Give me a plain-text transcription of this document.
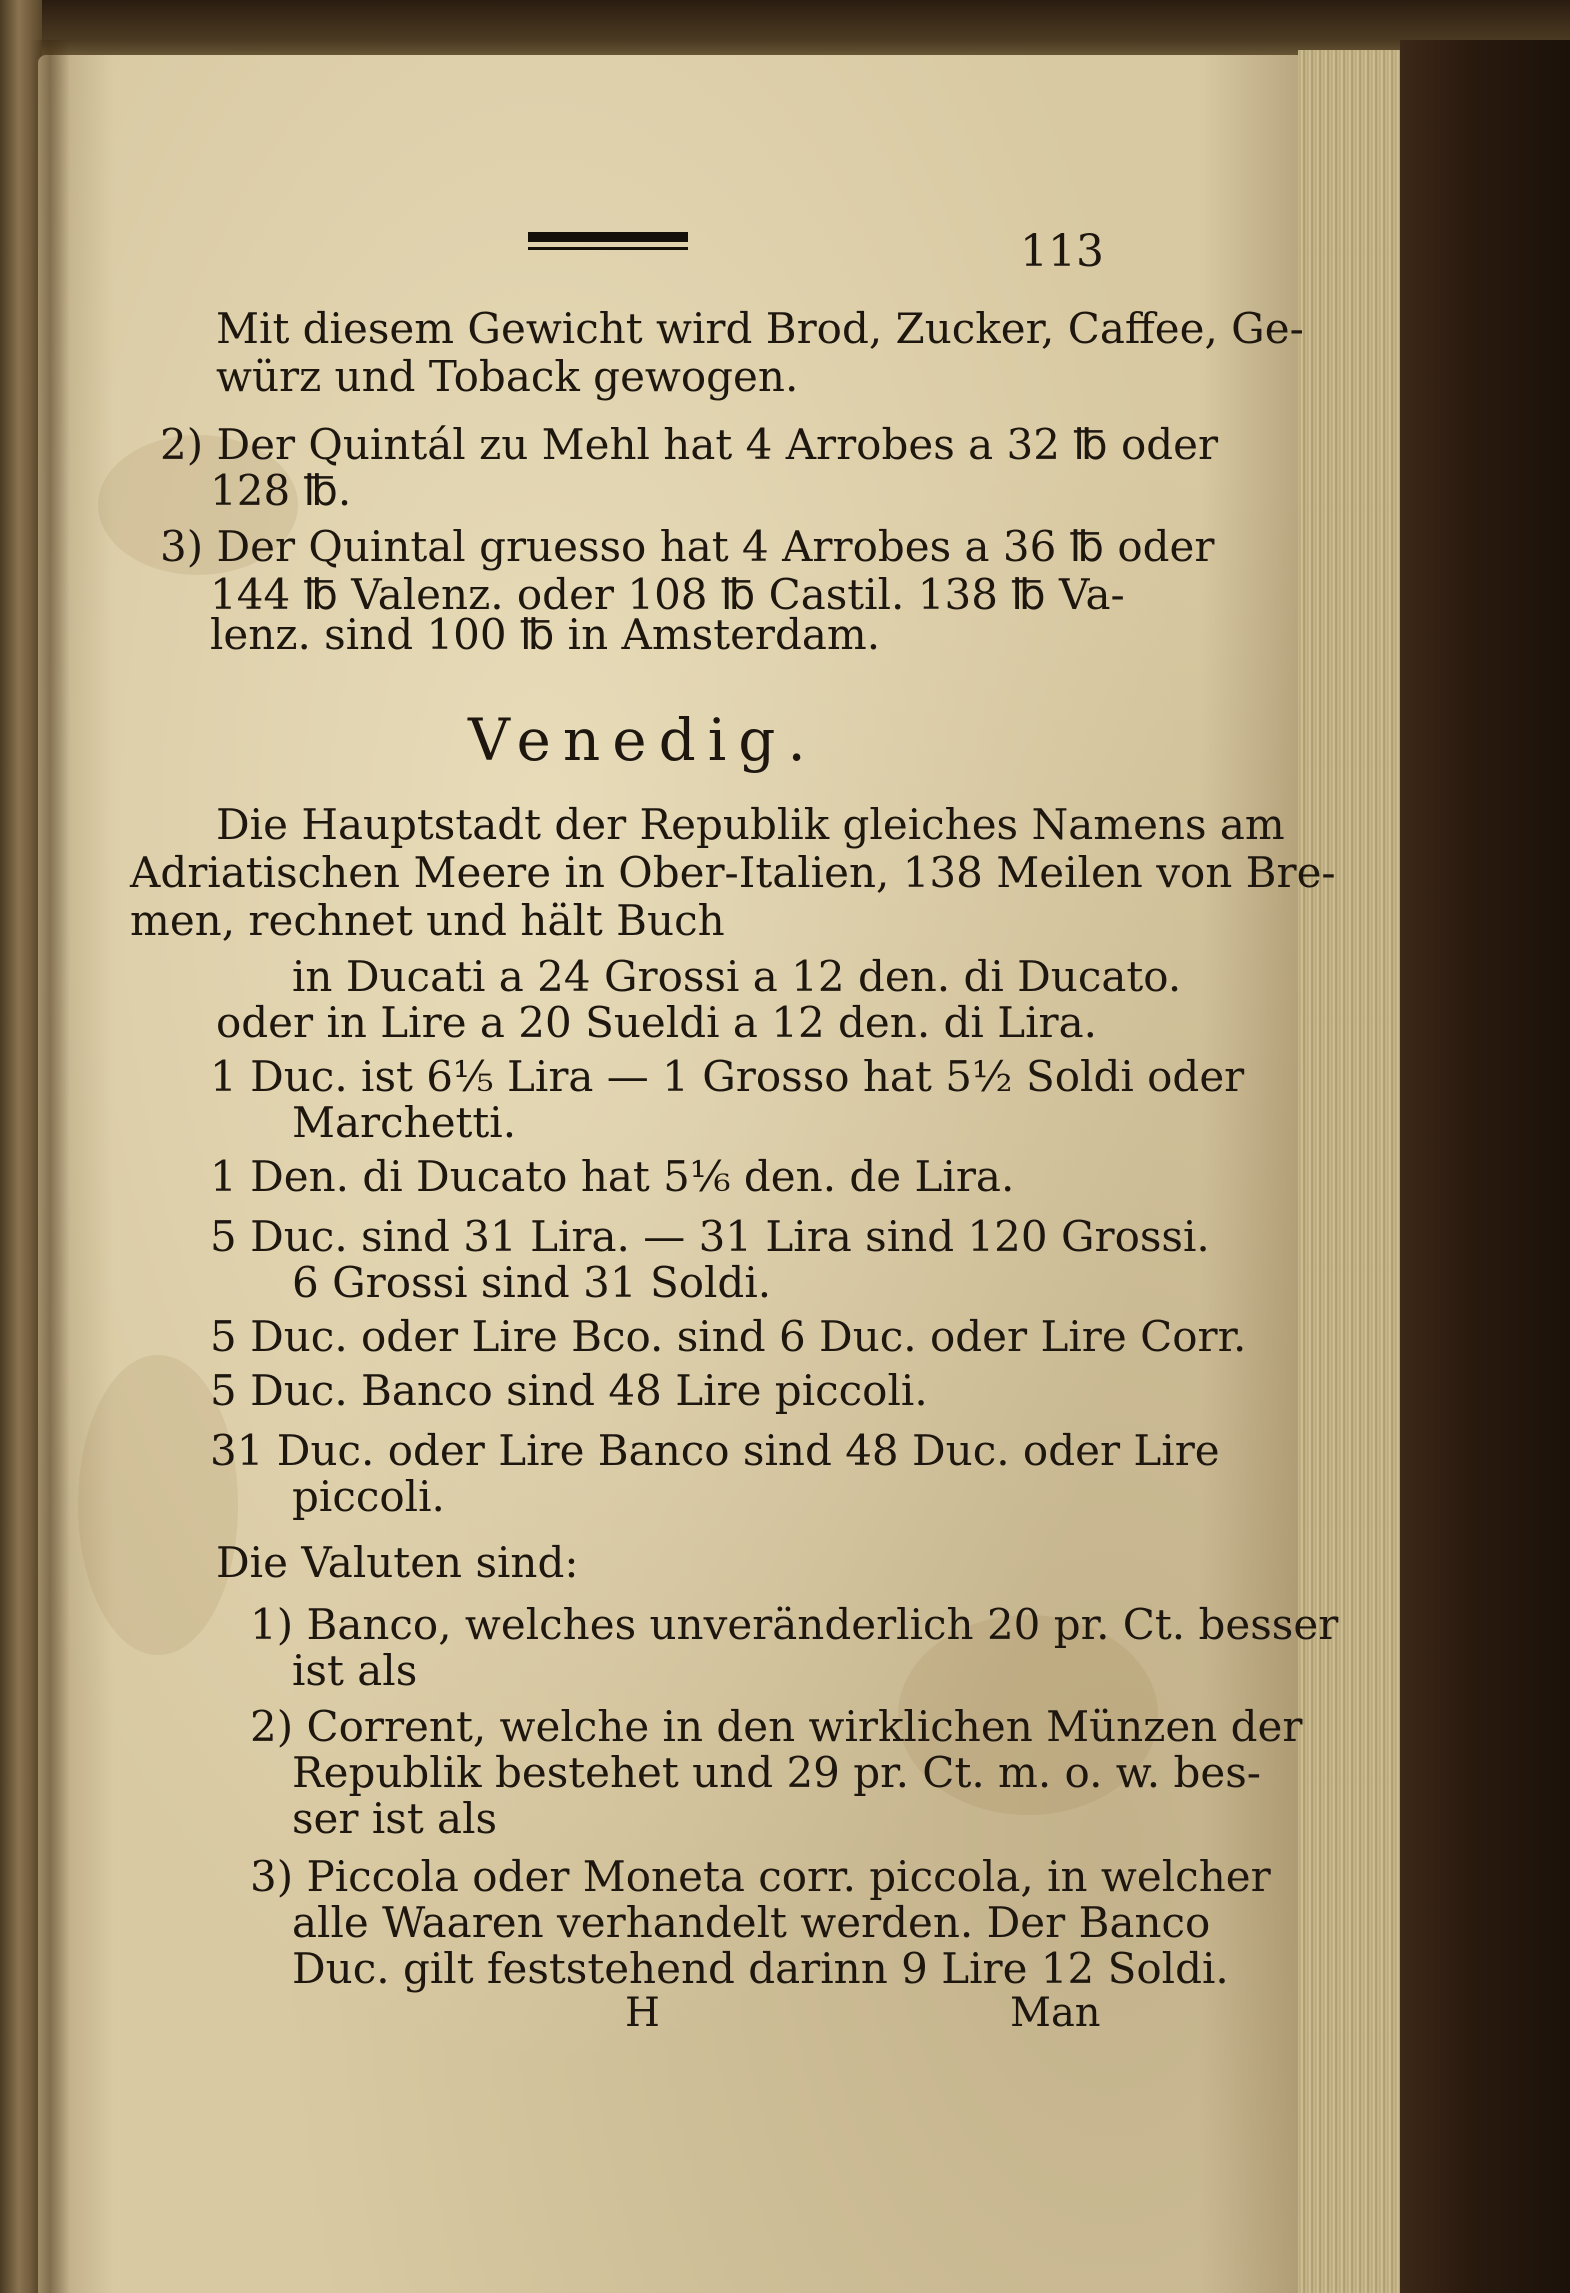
113
Mit diesem Gewicht wird Brod, Zucker, Caffee, Ge-
würz und Toback gewogen.
2) Der Quintál zu Mehl hat 4 Arrobes a 32 ℔ oder
128 ℔.
3) Der Quintal gruesso hat 4 Arrobes a 36 ℔ oder
144 ℔ Valenz. oder 108 ℔ Castil. 138 ℔ Va-
lenz. sind 100 ℔ in Amsterdam.
Venedig.
Die Hauptstadt der Republik gleiches Namens am
Adriatischen Meere in Ober-Italien, 138 Meilen von Bre-
men, rechnet und hält Buch
in Ducati a 24 Grossi a 12 den. di Ducato.
oder in Lire a 20 Sueldi a 12 den. di Lira.
1 Duc. ist 6⅕ Lira — 1 Grosso hat 5½ Soldi oder
Marchetti.
1 Den. di Ducato hat 5⅙ den. de Lira.
5 Duc. sind 31 Lira. — 31 Lira sind 120 Grossi.
6 Grossi sind 31 Soldi.
5 Duc. oder Lire Bco. sind 6 Duc. oder Lire Corr.
5 Duc. Banco sind 48 Lire piccoli.
31 Duc. oder Lire Banco sind 48 Duc. oder Lire
piccoli.
Die Valuten sind:
1) Banco, welches unveränderlich 20 pr. Ct. besser
ist als
2) Corrent, welche in den wirklichen Münzen der
Republik bestehet und 29 pr. Ct. m. o. w. bes-
ser ist als
3) Piccola oder Moneta corr. piccola, in welcher
alle Waaren verhandelt werden. Der Banco
Duc. gilt feststehend darinn 9 Lire 12 Soldi.
H	Man
